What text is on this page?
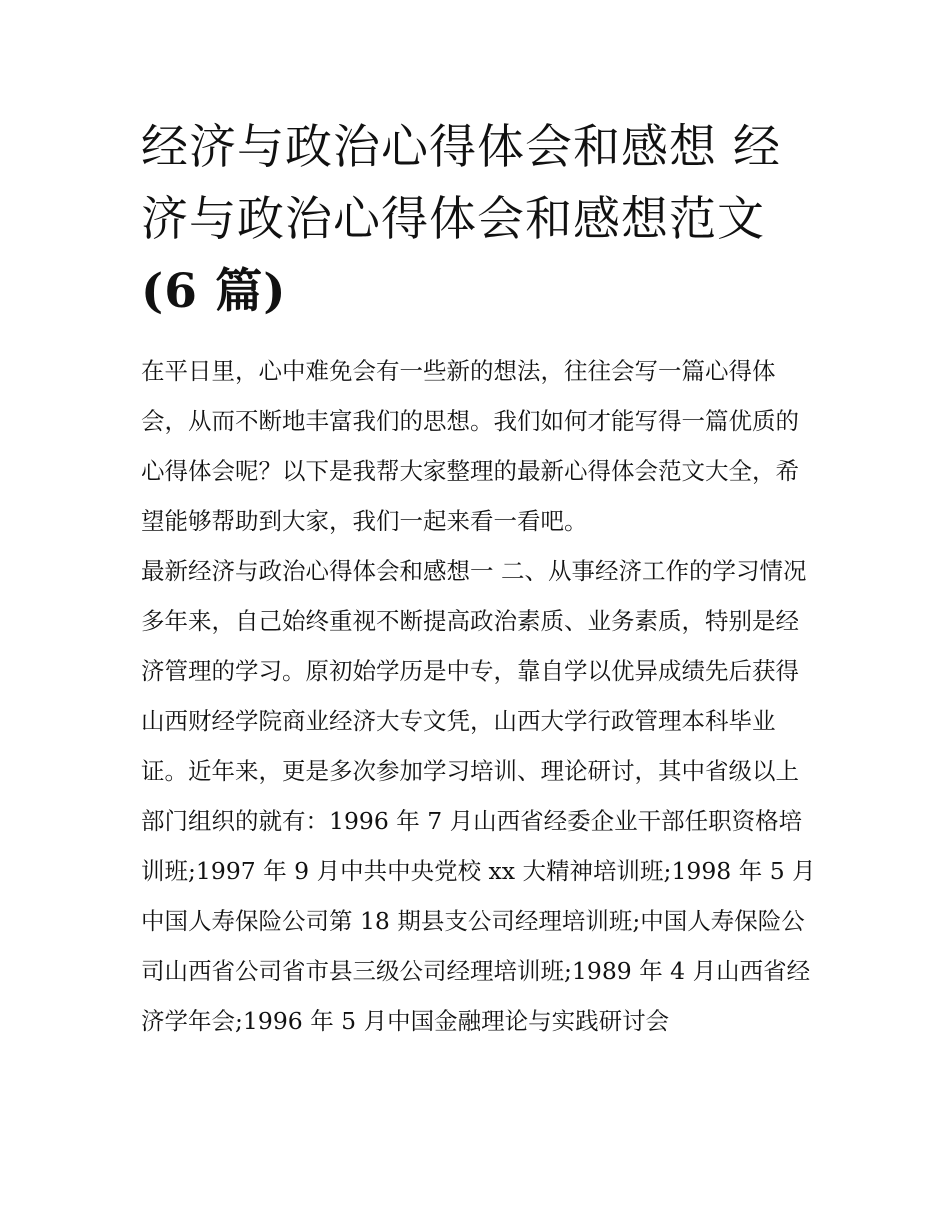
经济与政治心得体会和感想 经济与政治心得体会和感想范文
(6 篇)

在平日里，心中难免会有一些新的想法，往往会写一篇心得体会，从而不断地丰富我们的思想。我们如何才能写得一篇优质的心得体会呢？以下是我帮大家整理的最新心得体会范文大全，希望能够帮助到大家，我们一起来看一看吧。

最新经济与政治心得体会和感想一 二、从事经济工作的学习情况

多年来，自己始终重视不断提高政治素质、业务素质，特别是经济管理的学习。原初始学历是中专，靠自学以优异成绩先后获得山西财经学院商业经济大专文凭，山西大学行政管理本科毕业证。近年来，更是多次参加学习培训、理论研讨，其中省级以上部门组织的就有：1996 年 7 月山西省经委企业干部任职资格培训班;1997 年 9 月中共中央党校 xx 大精神培训班;1998 年 5 月中国人寿保险公司第 18 期县支公司经理培训班;中国人寿保险公司山西省公司省市县三级公司经理培训班;1989 年 4 月山西省经济学年会;1996 年 5 月中国金融理论与实践研讨会
